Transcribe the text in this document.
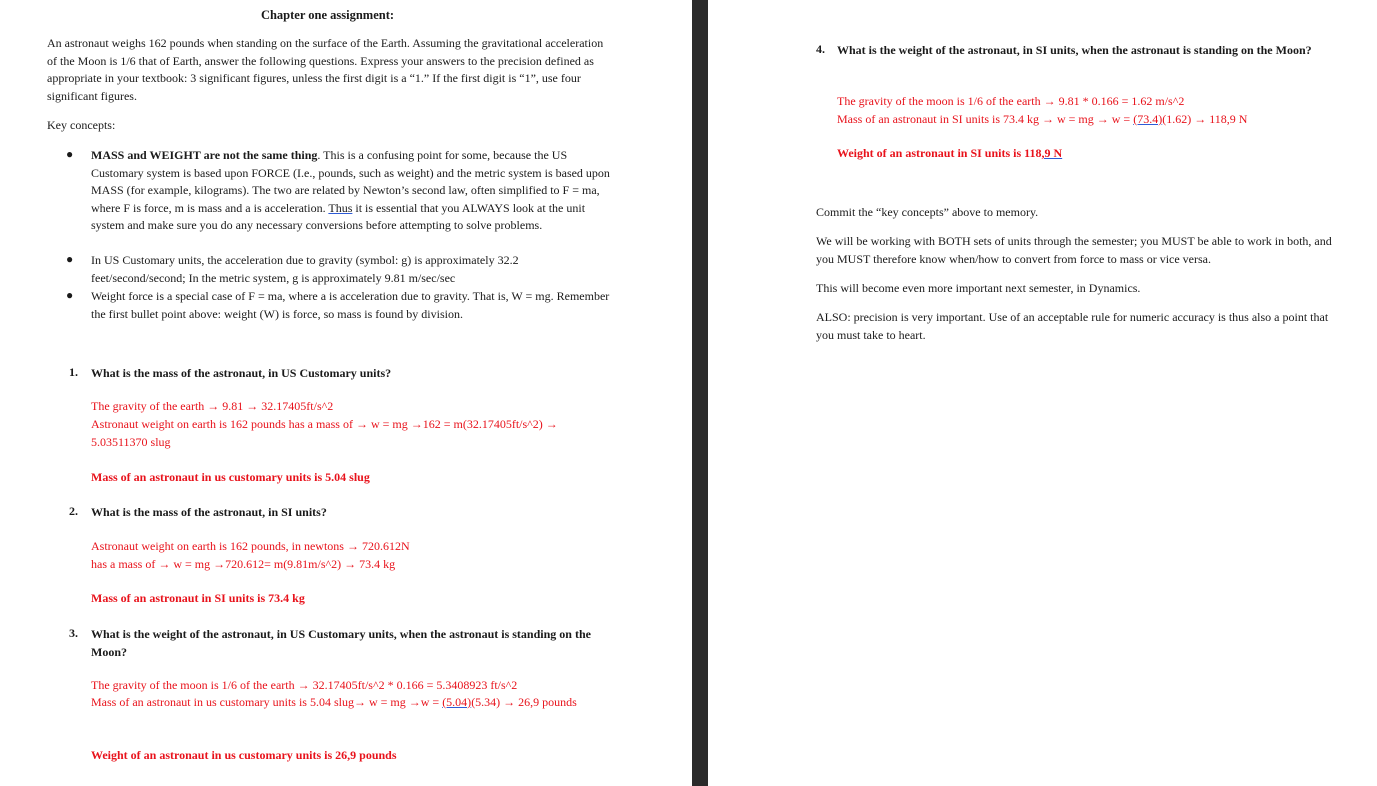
Chapter one assignment:

An astronaut weighs 162 pounds when standing on the surface of the Earth. Assuming the gravitational acceleration of the Moon is 1/6 that of Earth, answer the following questions. Express your answers to the precision defined as appropriate in your textbook: 3 significant figures, unless the first digit is a “1.” If the first digit is “1”, use four significant figures.

Key concepts:

● MASS and WEIGHT are not the same thing. This is a confusing point for some, because the US Customary system is based upon FORCE (I.e., pounds, such as weight) and the metric system is based upon MASS (for example, kilograms). The two are related by Newton’s second law, often simplified to F = ma, where F is force, m is mass and a is acceleration. Thus it is essential that you ALWAYS look at the unit system and make sure you do any necessary conversions before attempting to solve problems.
● In US Customary units, the acceleration due to gravity (symbol: g) is approximately 32.2 feet/second/second; In the metric system, g is approximately 9.81 m/sec/sec
● Weight force is a special case of F = ma, where a is acceleration due to gravity. That is, W = mg. Remember the first bullet point above: weight (W) is force, so mass is found by division.
1. What is the mass of the astronaut, in US Customary units?

The gravity of the earth → 9.81 → 32.17405ft/s^2

Astronaut weight on earth is 162 pounds has a mass of → w = mg →162 = m(32.17405ft/s^2) → 5.03511370 slug

Mass of an astronaut in us customary units is 5.04 slug

2. What is the mass of the astronaut, in SI units?

Astronaut weight on earth is 162 pounds, in newtons → 720.612N

has a mass of → w = mg →720.612= m(9.81m/s^2) → 73.4 kg

Mass of an astronaut in SI units is 73.4 kg

3. What is the weight of the astronaut, in US Customary units, when the astronaut is standing on the Moon?

The gravity of the moon is 1/6 of the earth → 32.17405ft/s^2 * 0.166 = 5.3408923 ft/s^2

Mass of an astronaut in us customary units is 5.04 slug→ w = mg →w = (5.04)(5.34) → 26,9 pounds

Weight of an astronaut in us customary units is 26,9 pounds

4. What is the weight of the astronaut, in SI units, when the astronaut is standing on the Moon?

The gravity of the moon is 1/6 of the earth → 9.81 * 0.166 = 1.62 m/s^2

Mass of an astronaut in SI units is 73.4 kg → w = mg → w = (73.4)(1.62) → 118,9 N

Weight of an astronaut in SI units is 118,9 N

Commit the “key concepts” above to memory.

We will be working with BOTH sets of units through the semester; you MUST be able to work in both, and you MUST therefore know when/how to convert from force to mass or vice versa.

This will become even more important next semester, in Dynamics.

ALSO: precision is very important. Use of an acceptable rule for numeric accuracy is thus also a point that you must take to heart.
